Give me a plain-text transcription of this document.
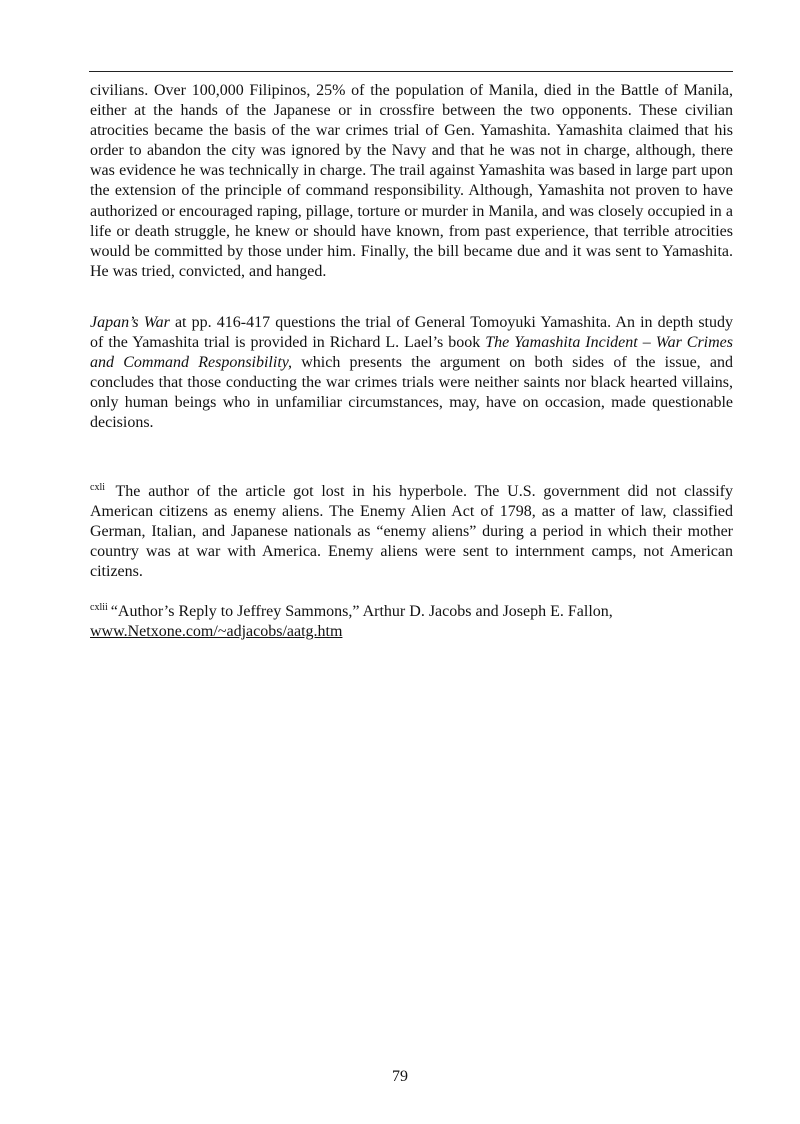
civilians. Over 100,000 Filipinos, 25% of the population of Manila, died in the Battle of Manila, either at the hands of the Japanese or in crossfire between the two opponents. These civilian atrocities became the basis of the war crimes trial of Gen. Yamashita. Yamashita claimed that his order to abandon the city was ignored by the Navy and that he was not in charge, although, there was evidence he was technically in charge. The trail against Yamashita was based in large part upon the extension of the principle of command responsibility. Although, Yamashita not proven to have authorized or encouraged raping, pillage, torture or murder in Manila, and was closely occupied in a life or death struggle, he knew or should have known, from past experience, that terrible atrocities would be committed by those under him. Finally, the bill became due and it was sent to Yamashita. He was tried, convicted, and hanged.

Japan’s War at pp. 416-417 questions the trial of General Tomoyuki Yamashita. An in depth study of the Yamashita trial is provided in Richard L. Lael’s book The Yamashita Incident – War Crimes and Command Responsibility, which presents the argument on both sides of the issue, and concludes that those conducting the war crimes trials were neither saints nor black hearted villains, only human beings who in unfamiliar circumstances, may, have on occasion, made questionable decisions.

$^{cxli}$ The author of the article got lost in his hyperbole. The U.S. government did not classify American citizens as enemy aliens. The Enemy Alien Act of 1798, as a matter of law, classified German, Italian, and Japanese nationals as “enemy aliens” during a period in which their mother country was at war with America. Enemy aliens were sent to internment camps, not American citizens.

$^{cxlii}$ “Author’s Reply to Jeffrey Sammons,” Arthur D. Jacobs and Joseph E. Fallon,
www.Netxone.com/~adjacobs/aatg.htm

79
